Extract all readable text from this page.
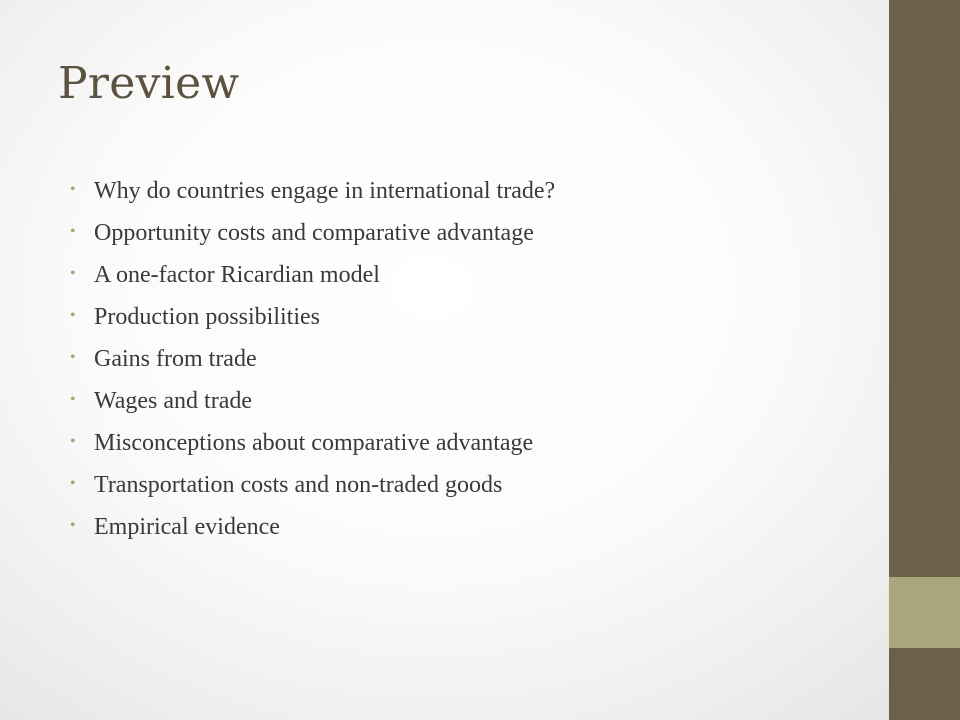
Preview
• Why do countries engage in international trade?
• Opportunity costs and comparative advantage
• A one-factor Ricardian model
• Production possibilities
• Gains from trade
• Wages and trade
• Misconceptions about comparative advantage
• Transportation costs and non-traded goods
• Empirical evidence
